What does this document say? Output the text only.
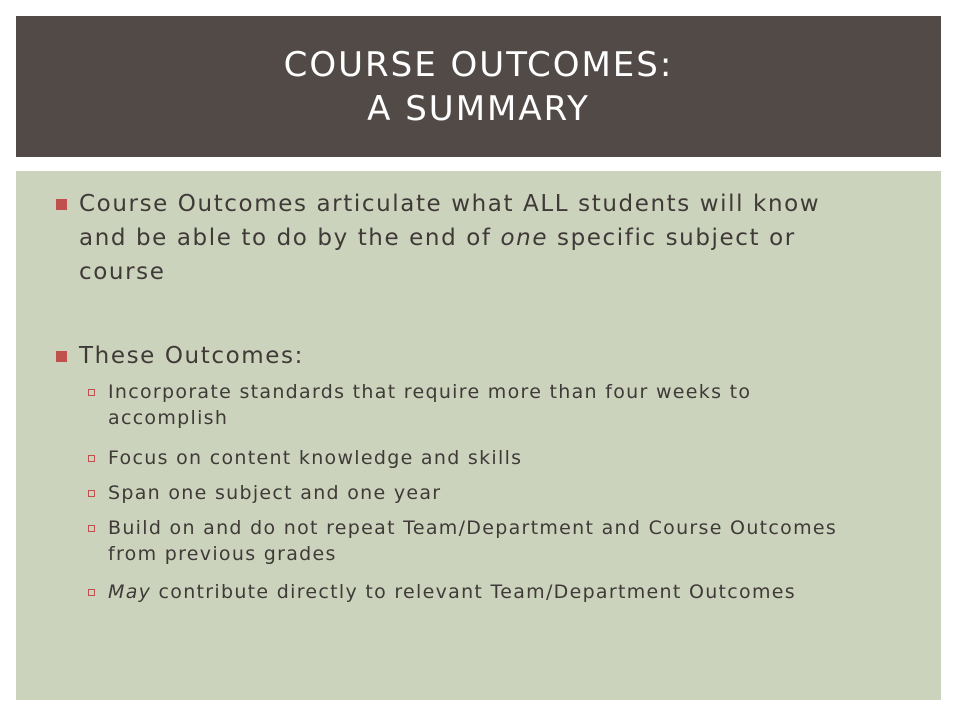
COURSE OUTCOMES:
A SUMMARY
Course Outcomes articulate what ALL students will know and be able to do by the end of one specific subject or course
These Outcomes:
Incorporate standards that require more than four weeks to accomplish
Focus on content knowledge and skills
Span one subject and one year
Build on and do not repeat Team/Department and Course Outcomes from previous grades
May contribute directly to relevant Team/Department Outcomes
